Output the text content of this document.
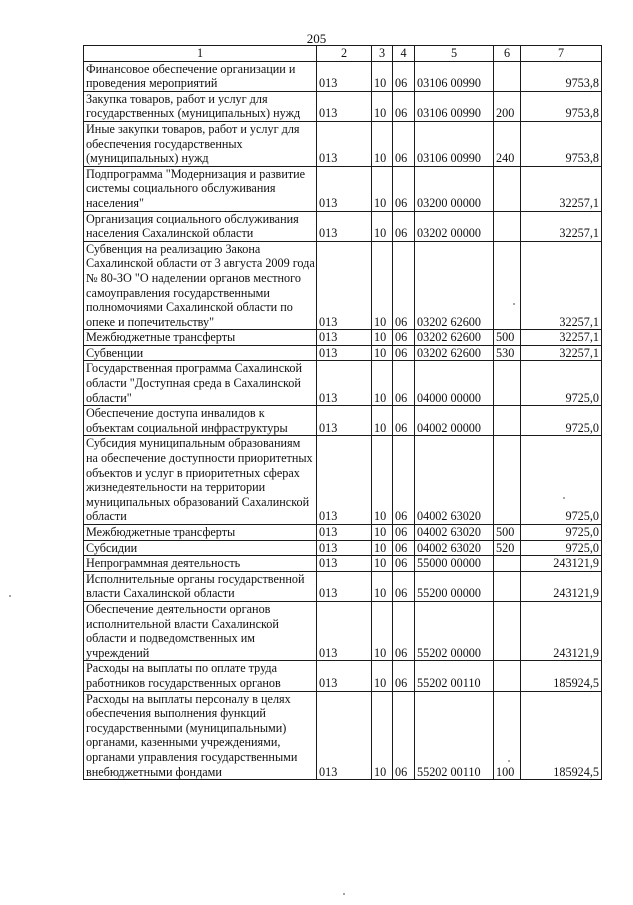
205
1	2	3	4	5	6	7
Финансовое обеспечение организации и проведения мероприятий	013	10	06	03106 00990		9753,8
Закупка товаров, работ и услуг для государственных (муниципальных) нужд	013	10	06	03106 00990	200	9753,8
Иные закупки товаров, работ и услуг для обеспечения государственных (муниципальных) нужд	013	10	06	03106 00990	240	9753,8
Подпрограмма "Модернизация и развитие системы социального обслуживания населения"	013	10	06	03200 00000		32257,1
Организация социального обслуживания населения Сахалинской области	013	10	06	03202 00000		32257,1
Субвенция на реализацию Закона Сахалинской области от 3 августа 2009 года № 80-ЗО "О наделении органов местного самоуправления государственными полномочиями Сахалинской области по опеке и попечительству"	013	10	06	03202 62600		32257,1
Межбюджетные трансферты	013	10	06	03202 62600	500	32257,1
Субвенции	013	10	06	03202 62600	530	32257,1
Государственная программа Сахалинской области "Доступная среда в Сахалинской области"	013	10	06	04000 00000		9725,0
Обеспечение доступа инвалидов к объектам социальной инфраструктуры	013	10	06	04002 00000		9725,0
Субсидия муниципальным образованиям на обеспечение доступности приоритетных объектов и услуг в приоритетных сферах жизнедеятельности на территории муниципальных образований Сахалинской области	013	10	06	04002 63020		9725,0
Межбюджетные трансферты	013	10	06	04002 63020	500	9725,0
Субсидии	013	10	06	04002 63020	520	9725,0
Непрограммная деятельность	013	10	06	55000 00000		243121,9
Исполнительные органы государственной власти Сахалинской области	013	10	06	55200 00000		243121,9
Обеспечение деятельности органов исполнительной власти Сахалинской области и подведомственных им учреждений	013	10	06	55202 00000		243121,9
Расходы на выплаты по оплате труда работников государственных органов	013	10	06	55202 00110		185924,5
Расходы на выплаты персоналу в целях обеспечения выполнения функций государственными (муниципальными) органами, казенными учреждениями, органами управления государственными внебюджетными фондами	013	10	06	55202 00110	100	185924,5
